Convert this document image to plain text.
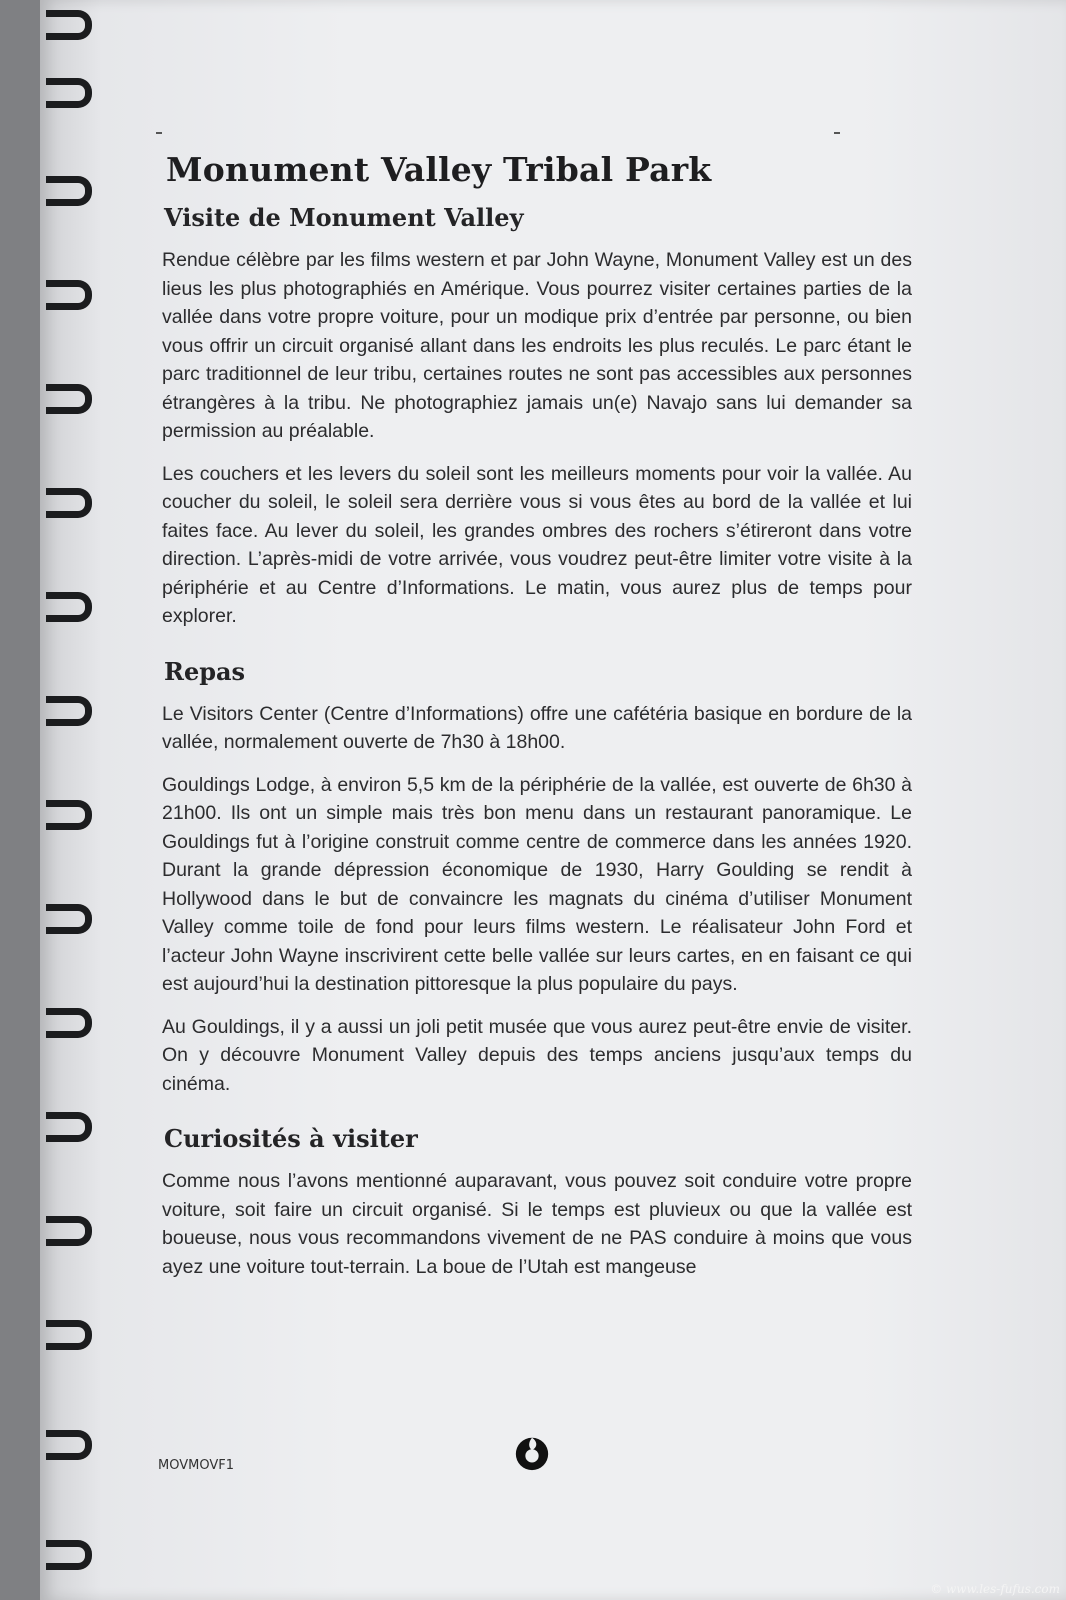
Monument Valley Tribal Park
Visite de Monument Valley

Rendue célèbre par les films western et par John Wayne, Monument Valley est un des lieus les plus photographiés en Amérique. Vous pourrez visiter certaines parties de la vallée dans votre propre voiture, pour un modique prix d’entrée par personne, ou bien vous offrir un circuit organisé allant dans les endroits les plus reculés. Le parc étant le parc traditionnel de leur tribu, certaines routes ne sont pas accessibles aux personnes étrangères à la tribu. Ne photographiez jamais un(e) Navajo sans lui demander sa permission au préalable.

Les couchers et les levers du soleil sont les meilleurs moments pour voir la vallée. Au coucher du soleil, le soleil sera derrière vous si vous êtes au bord de la vallée et lui faites face. Au lever du soleil, les grandes ombres des rochers s’étireront dans votre direction. L’après-midi de votre arrivée, vous voudrez peut-être limiter votre visite à la périphérie et au Centre d’Informations. Le matin, vous aurez plus de temps pour explorer.

Repas

Le Visitors Center (Centre d’Informations) offre une cafétéria basique en bordure de la vallée, normalement ouverte de 7h30 à 18h00.

Gouldings Lodge, à environ 5,5 km de la périphérie de la vallée, est ouverte de 6h30 à 21h00. Ils ont un simple mais très bon menu dans un restaurant panoramique. Le Gouldings fut à l’origine construit comme centre de commerce dans les années 1920. Durant la grande dépression économique de 1930, Harry Goulding se rendit à Hollywood dans le but de convaincre les magnats du cinéma d’utiliser Monument Valley comme toile de fond pour leurs films western. Le réalisateur John Ford et l’acteur John Wayne inscrivirent cette belle vallée sur leurs cartes, en en faisant ce qui est aujourd’hui la destination pittoresque la plus populaire du pays.

Au Gouldings, il y a aussi un joli petit musée que vous aurez peut-être envie de visiter. On y découvre Monument Valley depuis des temps anciens jusqu’aux temps du cinéma.

Curiosités à visiter

Comme nous l’avons mentionné auparavant, vous pouvez soit conduire votre propre voiture, soit faire un circuit organisé. Si le temps est pluvieux ou que la vallée est boueuse, nous vous recommandons vivement de ne PAS conduire à moins que vous ayez une voiture tout-terrain. La boue de l’Utah est mangeuse

MOVMOVF1
© www.les-fufus.com
